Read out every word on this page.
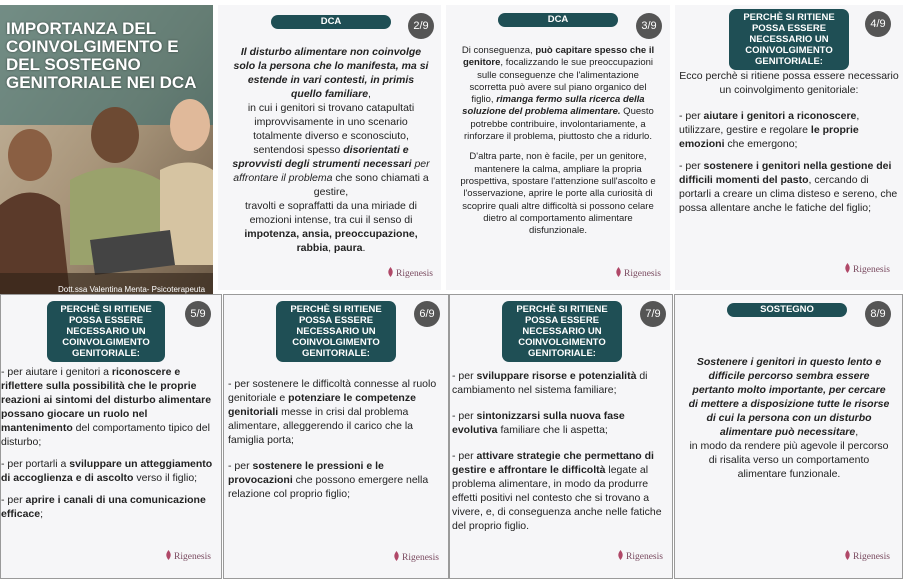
IMPORTANZA DEL COINVOLGIMENTO E DEL SOSTEGNO GENITORIALE NEI DCA
Dott.ssa Valentina Menta- Psicoterapeuta
DCA	2/9
Il disturbo alimentare non coinvolge solo la persona che lo manifesta, ma si estende in vari contesti, in primis quello familiare,
in cui i genitori si trovano catapultati improvvisamente in uno scenario totalmente diverso e sconosciuto, sentendosi spesso disorientati e sprovvisti degli strumenti necessari per affrontare il problema che sono chiamati a gestire,
travolti e sopraffatti da una miriade di emozioni intense, tra cui il senso di impotenza, ansia, preoccupazione, rabbia, paura.
Rigenesis
DCA
3/9

Di conseguenza, può capitare spesso che il genitore, focalizzando le sue preoccupazioni sulle conseguenze che l'alimentazione scorretta può avere sul piano organico del figlio, rimanga fermo sulla ricerca della soluzione del problema alimentare. Questo potrebbe contribuire, involontariamente, a rinforzare il problema, piuttosto che a ridurlo.

D'altra parte, non è facile, per un genitore, mantenere la calma, ampliare la propria prospettiva, spostare l'attenzione sull'ascolto e l'osservazione, aprire le porte alla curiosità di scoprire quali altre difficoltà si possono celare dietro al comportamento alimentare disfunzionale.

Rigenesis
PERCHÈ SI RITIENE POSSA ESSERE NECESSARIO UN COINVOLGIMENTO GENITORIALE:
4/9

Ecco perchè si ritiene possa essere necessario un coinvolgimento genitoriale:

- per aiutare i genitori a riconoscere, utilizzare, gestire e regolare le proprie emozioni che emergono;

- per sostenere i genitori nella gestione dei difficili momenti del pasto, cercando di portarli a creare un clima disteso e sereno, che possa allentare anche le fatiche del figlio;

Rigenesis
PERCHÈ SI RITIENE POSSA ESSERE NECESSARIO UN COINVOLGIMENTO GENITORIALE:
5/9

- per aiutare i genitori a riconoscere e riflettere sulla possibilità che le proprie reazioni ai sintomi del disturbo alimentare possano giocare un ruolo nel mantenimento del comportamento tipico del disturbo;

- per portarli a sviluppare un atteggiamento di accoglienza e di ascolto verso il figlio;

- per aprire i canali di una comunicazione efficace;

Rigenesis
PERCHÈ SI RITIENE POSSA ESSERE NECESSARIO UN COINVOLGIMENTO GENITORIALE:
6/9

- per sostenere le difficoltà connesse al ruolo genitoriale e potenziare le competenze genitoriali messe in crisi dal problema alimentare, alleggerendo il carico che la famiglia porta;

- per sostenere le pressioni e le provocazioni che possono emergere nella relazione col proprio figlio;

Rigenesis
PERCHÈ SI RITIENE POSSA ESSERE NECESSARIO UN COINVOLGIMENTO GENITORIALE:
7/9

- per sviluppare risorse e potenzialità di cambiamento nel sistema familiare;

- per sintonizzarsi sulla nuova fase evolutiva familiare che li aspetta;

- per attivare strategie che permettano di gestire e affrontare le difficoltà legate al problema alimentare, in modo da produrre effetti positivi nel contesto che si trovano a vivere, e, di conseguenza anche nelle fatiche del proprio figlio.

Rigenesis
SOSTEGNO	8/9
Sostenere i genitori in questo lento e difficile percorso sembra essere pertanto molto importante, per cercare di mettere a disposizione tutte le risorse di cui la persona con un disturbo alimentare può necessitare,
in modo da rendere più agevole il percorso di risalita verso un comportamento alimentare funzionale.
Rigenesis
